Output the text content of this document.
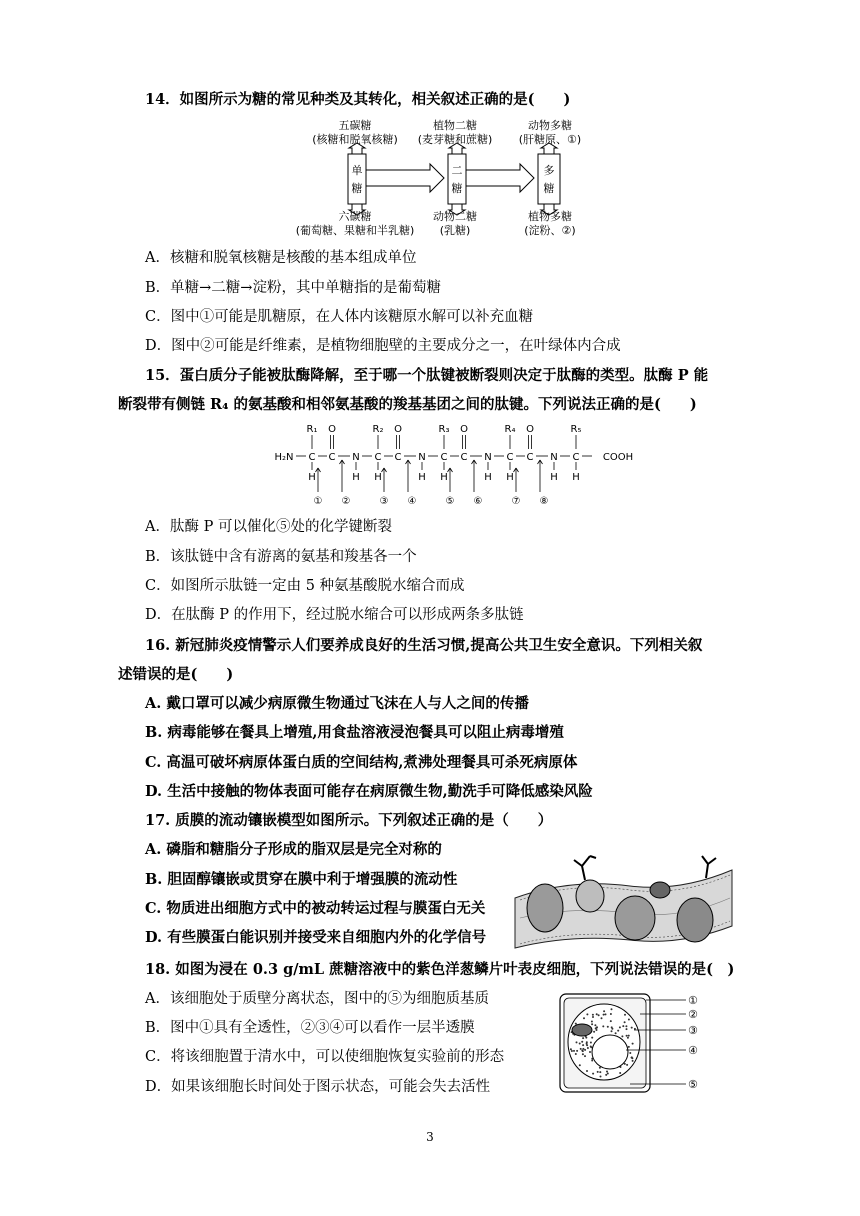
14．如图所示为糖的常见种类及其转化，相关叙述正确的是(　　)
五碳糖
(核糖和脱氧核糖)
植物二糖
(麦芽糖和蔗糖)
动物多糖
(肝糖原、①)
六碳糖
(葡萄糖、果糖和半乳糖)
动物二糖
(乳糖)
植物多糖
(淀粉、②)
单
糖
二
糖
多
糖
A．核糖和脱氧核糖是核酸的基本组成单位
B．单糖→二糖→淀粉，其中单糖指的是葡萄糖
C．图中①可能是肌糖原，在人体内该糖原水解可以补充血糖
D．图中②可能是纤维素，是植物细胞壁的主要成分之一，在叶绿体内合成
15．蛋白质分子能被肽酶降解，至于哪一个肽键被断裂则决定于肽酶的类型。肽酶 P 能
断裂带有侧链 R₄ 的氨基酸和相邻氨基酸的羧基基团之间的肽键。下列说法正确的是(　　)
H₂N C
R₁
H
C
O
N
H
① ②
C
R₂
H
C
O
N
H
③ ④
C
R₃
H
C
O
N
H
⑤ ⑥
C
R₄
H
C
O
N
H
⑦ ⑧
C
R₅
H
COOH
A．肽酶 P 可以催化⑤处的化学键断裂
B．该肽链中含有游离的氨基和羧基各一个
C．如图所示肽链一定由 5 种氨基酸脱水缩合而成
D．在肽酶 P 的作用下，经过脱水缩合可以形成两条多肽链
16. 新冠肺炎疫情警示人们要养成良好的生活习惯,提高公共卫生安全意识。下列相关叙
述错误的是(　　)
A. 戴口罩可以减少病原微生物通过飞沫在人与人之间的传播
B. 病毒能够在餐具上增殖,用食盐溶液浸泡餐具可以阻止病毒增殖
C. 高温可破坏病原体蛋白质的空间结构,煮沸处理餐具可杀死病原体
D. 生活中接触的物体表面可能存在病原微生物,勤洗手可降低感染风险
17. 质膜的流动镶嵌模型如图所示。下列叙述正确的是（　　）
A. 磷脂和糖脂分子形成的脂双层是完全对称的
B. 胆固醇镶嵌或贯穿在膜中利于增强膜的流动性
C. 物质进出细胞方式中的被动转运过程与膜蛋白无关
D. 有些膜蛋白能识别并接受来自细胞内外的化学信号
18. 如图为浸在 0.3 g/mL 蔗糖溶液中的紫色洋葱鳞片叶表皮细胞，下列说法错误的是(　)
A．该细胞处于质壁分离状态，图中的⑤为细胞质基质
B．图中①具有全透性，②③④可以看作一层半透膜
C．将该细胞置于清水中，可以使细胞恢复实验前的形态
D．如果该细胞长时间处于图示状态，可能会失去活性
①
②
③
④
⑤
3
